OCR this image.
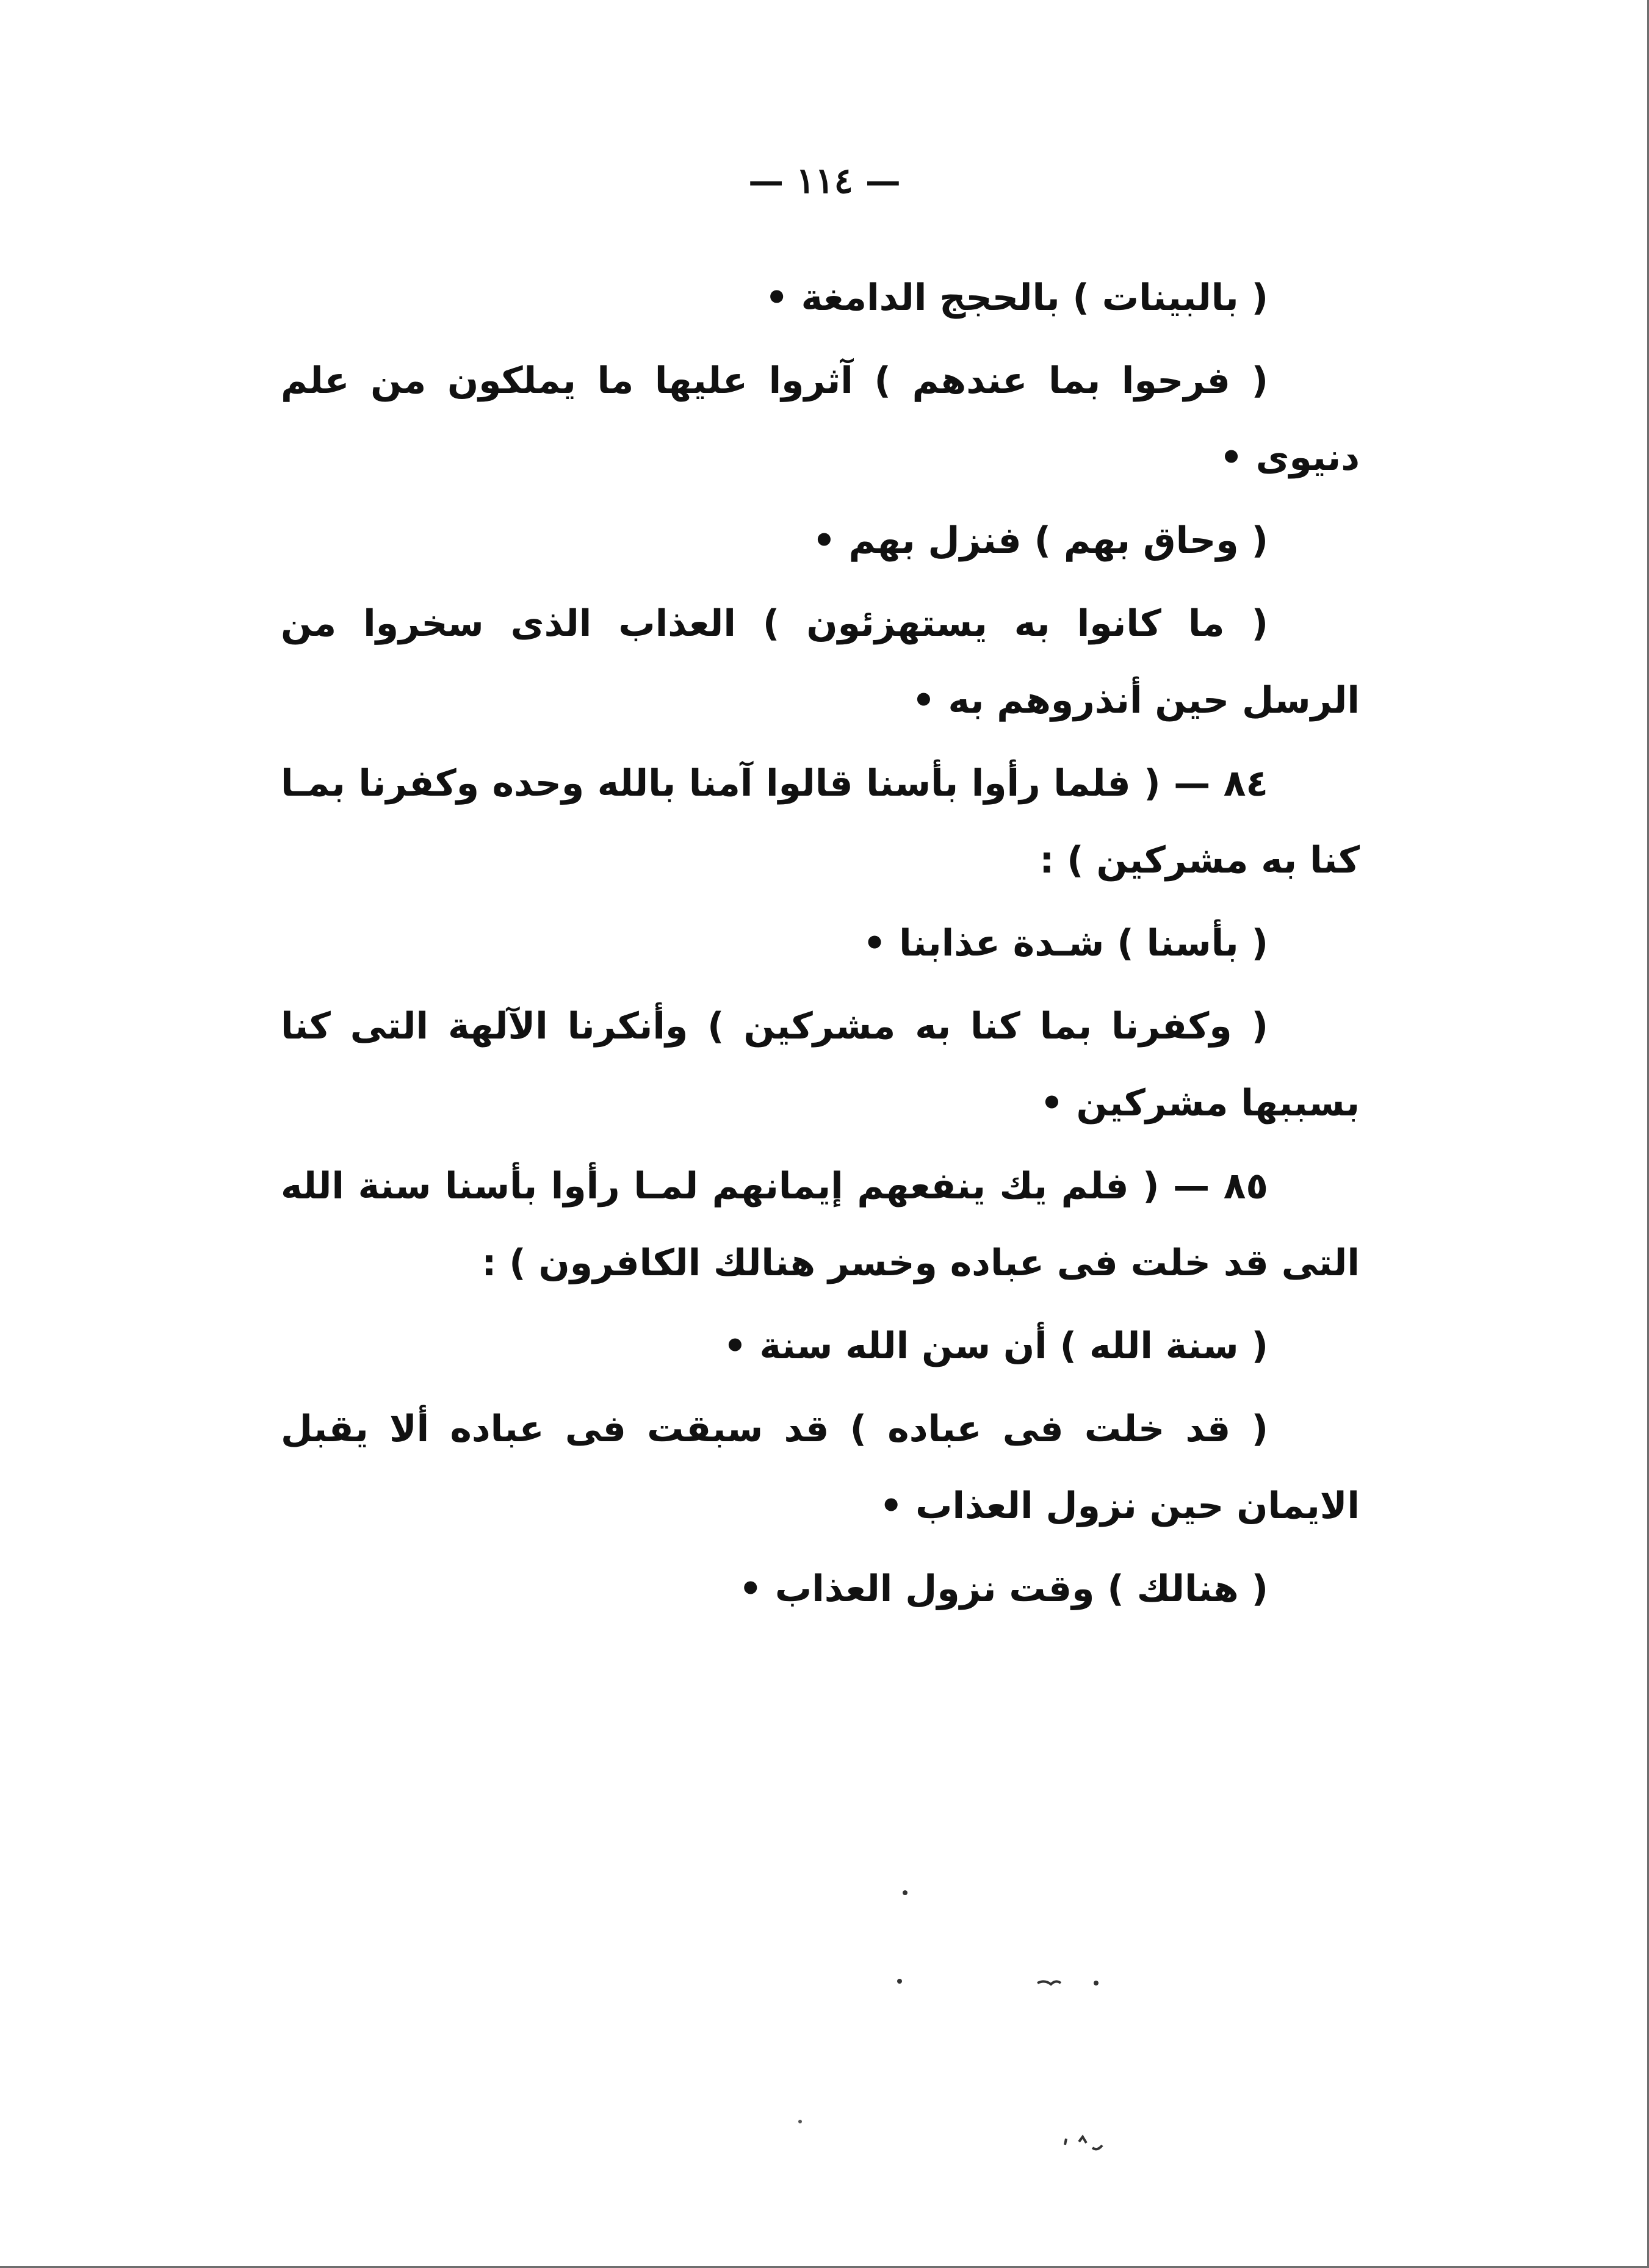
— ١١٤ —

( بالبينات ) بالحجج الدامغة •

( فرحوا بما عندهم ) آثروا عليها ما يملكون من علم دنيوى •

( وحاق بهم ) فنزل بهم •

( ما كانوا به يستهزئون ) العذاب الذى سخروا من الرسل حين أنذروهم به •

٨٤ — ( فلما رأوا بأسنا قالوا آمنا بالله وحده وكفرنا بمـا كنا به مشركين ) :

( بأسنا ) شـدة عذابنا •

( وكفرنا بما كنا به مشركين ) وأنكرنا الآلهة التى كنا بسببها مشركين •

٨٥ — ( فلم يك ينفعهم إيمانهم لمـا رأوا بأسنا سنة الله التى قد خلت فى عباده وخسر هنالك الكافرون ) :

( سنة الله ) أن سن الله سنة •

( قد خلت فى عباده ) قد سبقت فى عباده ألا يقبل الايمان حين نزول العذاب •

( هنالك ) وقت نزول العذاب •
